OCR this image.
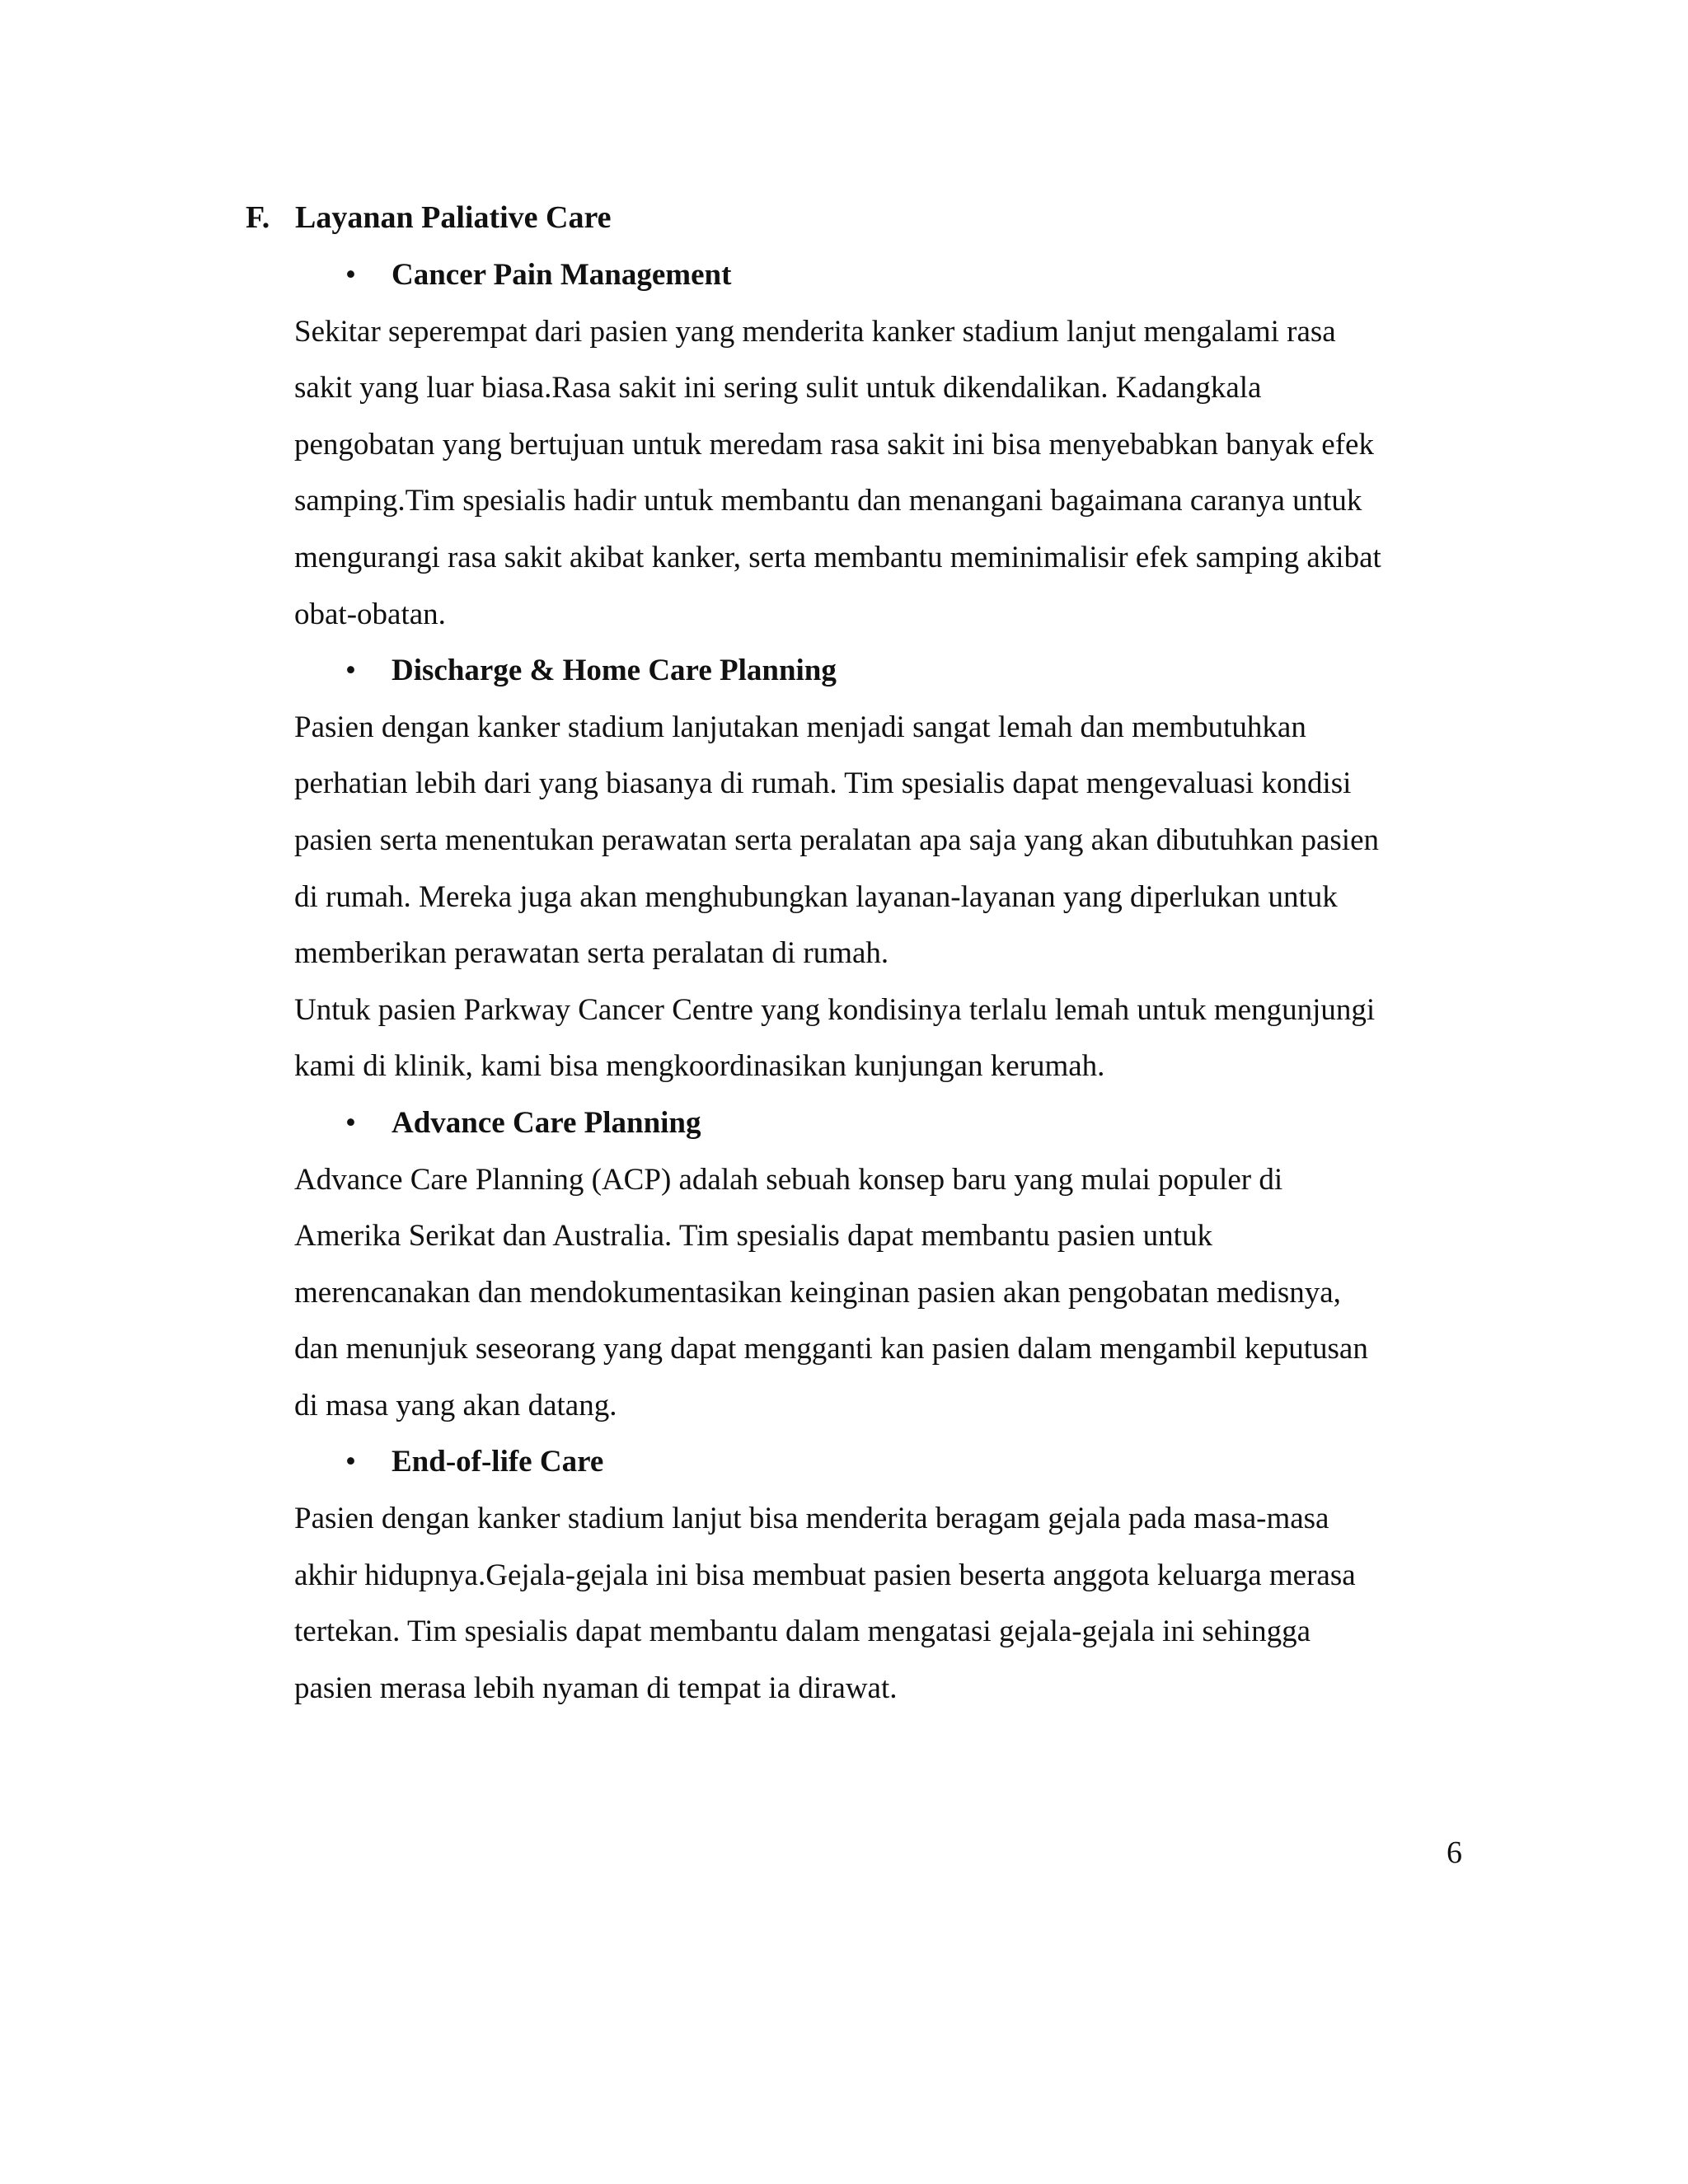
F. Layanan Paliative Care
• Cancer Pain Management

Sekitar seperempat dari pasien yang menderita kanker stadium lanjut mengalami rasa
sakit yang luar biasa.Rasa sakit ini sering sulit untuk dikendalikan. Kadangkala
pengobatan yang bertujuan untuk meredam rasa sakit ini bisa menyebabkan banyak efek
samping.Tim spesialis hadir untuk membantu dan menangani bagaimana caranya untuk
mengurangi rasa sakit akibat kanker, serta membantu meminimalisir efek samping akibat
obat-obatan.

• Discharge & Home Care Planning

Pasien dengan kanker stadium lanjutakan menjadi sangat lemah dan membutuhkan
perhatian lebih dari yang biasanya di rumah. Tim spesialis dapat mengevaluasi kondisi
pasien serta menentukan perawatan serta peralatan apa saja yang akan dibutuhkan pasien
di rumah. Mereka juga akan menghubungkan layanan-layanan yang diperlukan untuk
memberikan perawatan serta peralatan di rumah.

Untuk pasien Parkway Cancer Centre yang kondisinya terlalu lemah untuk mengunjungi
kami di klinik, kami bisa mengkoordinasikan kunjungan kerumah.

• Advance Care Planning

Advance Care Planning (ACP) adalah sebuah konsep baru yang mulai populer di
Amerika Serikat dan Australia. Tim spesialis dapat membantu pasien untuk
merencanakan dan mendokumentasikan keinginan pasien akan pengobatan medisnya,
dan menunjuk seseorang yang dapat mengganti kan pasien dalam mengambil keputusan
di masa yang akan datang.

• End-of-life Care

Pasien dengan kanker stadium lanjut bisa menderita beragam gejala pada masa-masa
akhir hidupnya.Gejala-gejala ini bisa membuat pasien beserta anggota keluarga merasa
tertekan. Tim spesialis dapat membantu dalam mengatasi gejala-gejala ini sehingga
pasien merasa lebih nyaman di tempat ia dirawat.

6
